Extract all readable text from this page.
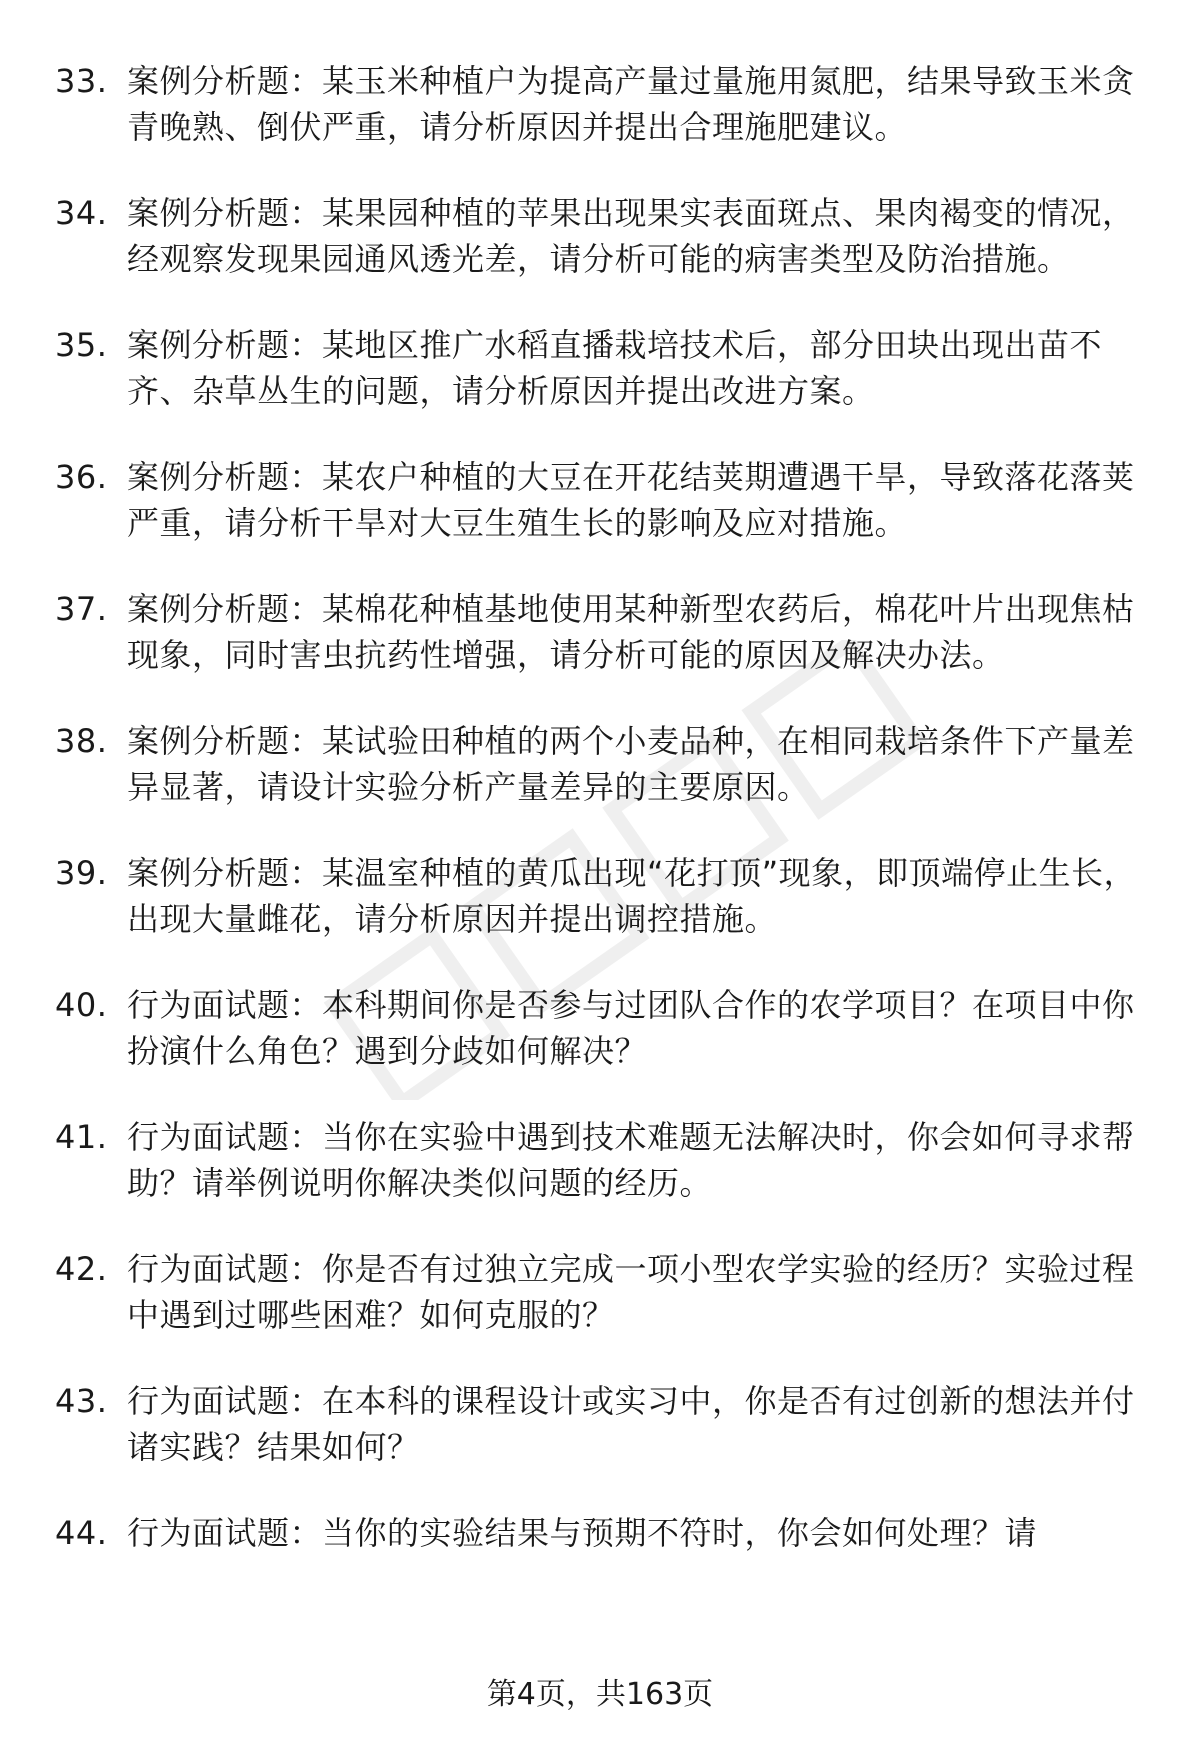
33. 案例分析题：某玉米种植户为提高产量过量施用氮肥，结果导致玉米贪青晚熟、倒伏严重，请分析原因并提出合理施肥建议。
34. 案例分析题：某果园种植的苹果出现果实表面斑点、果肉褐变的情况，经观察发现果园通风透光差，请分析可能的病害类型及防治措施。
35. 案例分析题：某地区推广水稻直播栽培技术后，部分田块出现出苗不齐、杂草丛生的问题，请分析原因并提出改进方案。
36. 案例分析题：某农户种植的大豆在开花结荚期遭遇干旱，导致落花落荚严重，请分析干旱对大豆生殖生长的影响及应对措施。
37. 案例分析题：某棉花种植基地使用某种新型农药后，棉花叶片出现焦枯现象，同时害虫抗药性增强，请分析可能的原因及解决办法。
38. 案例分析题：某试验田种植的两个小麦品种，在相同栽培条件下产量差异显著，请设计实验分析产量差异的主要原因。
39. 案例分析题：某温室种植的黄瓜出现“花打顶”现象，即顶端停止生长，出现大量雌花，请分析原因并提出调控措施。
40. 行为面试题：本科期间你是否参与过团队合作的农学项目？在项目中你扮演什么角色？遇到分歧如何解决？
41. 行为面试题：当你在实验中遇到技术难题无法解决时，你会如何寻求帮助？请举例说明你解决类似问题的经历。
42. 行为面试题：你是否有过独立完成一项小型农学实验的经历？实验过程中遇到过哪些困难？如何克服的？
43. 行为面试题：在本科的课程设计或实习中，你是否有过创新的想法并付诸实践？结果如何？
44. 行为面试题：当你的实验结果与预期不符时，你会如何处理？请
第4页，共163页
